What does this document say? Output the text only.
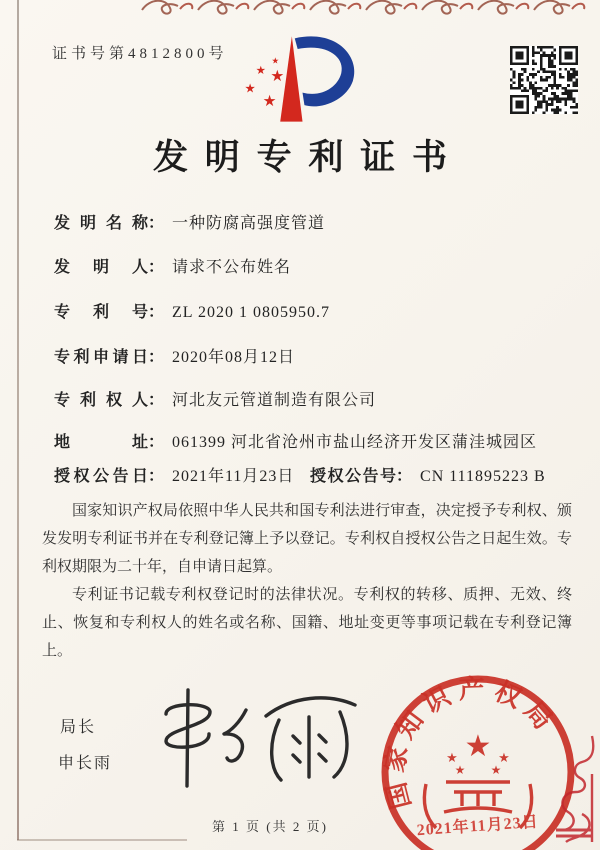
证书号第4812800号	★
★ ★
★
★
发明专利证书
发明名称： 一种防腐高强度管道
发明人： 请求不公布姓名
专利号： ZL 2020 1 0805950.7
专利申请日： 2020年08月12日
专利权人： 河北友元管道制造有限公司
地址： 061399 河北省沧州市盐山经济开发区蒲洼城园区
授权公告日： 2021年11月23日 授权公告号： CN 111895223 B

国家知识产权局依照中华人民共和国专利法进行审查，决定授予专利权、颁发发明专利证书并在专利登记簿上予以登记。专利权自授权公告之日起生效。专利权期限为二十年，自申请日起算。

专利证书记载专利权登记时的法律状况。专利权的转移、质押、无效、终止、恢复和专利权人的姓名或名称、国籍、地址变更等事项记载在专利登记簿上。

局长
申长雨
国家知识产权局
★
★	★
★ ★
2021年11月23日
第 1 页 (共 2 页)
